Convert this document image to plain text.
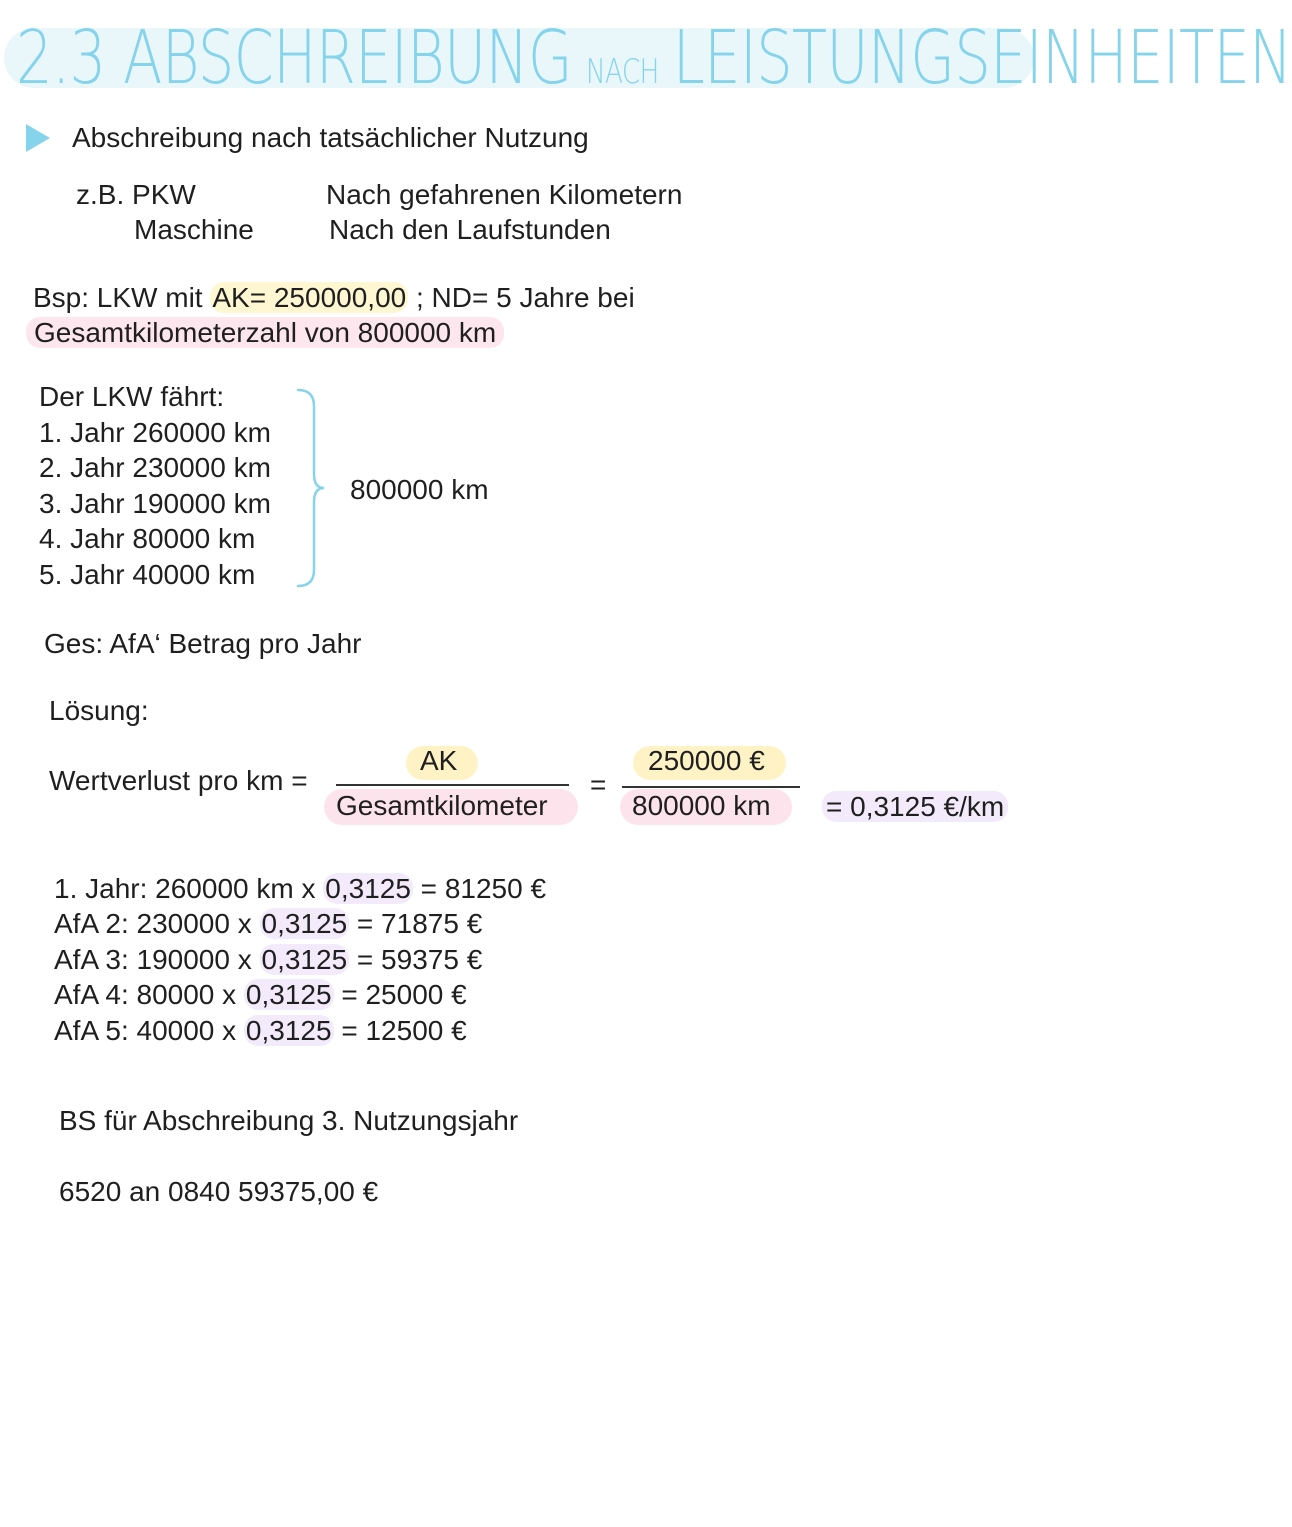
2.3 ABSCHREIBUNG NACH LEISTUNGSEINHEITEN
Abschreibung nach tatsächlicher Nutzung
z.B. PKW	Nach gefahrenen Kilometern
Maschine	Nach den Laufstunden
Bsp: LKW mit AK= 250000,00 ; ND= 5 Jahre bei
Gesamtkilometerzahl von 800000 km
Der LKW fährt:
1. Jahr 260000 km
2. Jahr 230000 km
3. Jahr 190000 km
4. Jahr 80000 km
5. Jahr 40000 km
800000 km
Ges: AfA‘ Betrag pro Jahr
Lösung:
Wertverlust pro km =
AK
Gesamtkilometer
=
250000 €
800000 km = 0,3125 €/km
1. Jahr: 260000 km x 0,3125 = 81250 €
AfA 2: 230000 x 0,3125 = 71875 €
AfA 3: 190000 x 0,3125 = 59375 €
AfA 4: 80000 x 0,3125 = 25000 €
AfA 5: 40000 x 0,3125 = 12500 €
BS für Abschreibung 3. Nutzungsjahr
6520 an 0840 59375,00 €
